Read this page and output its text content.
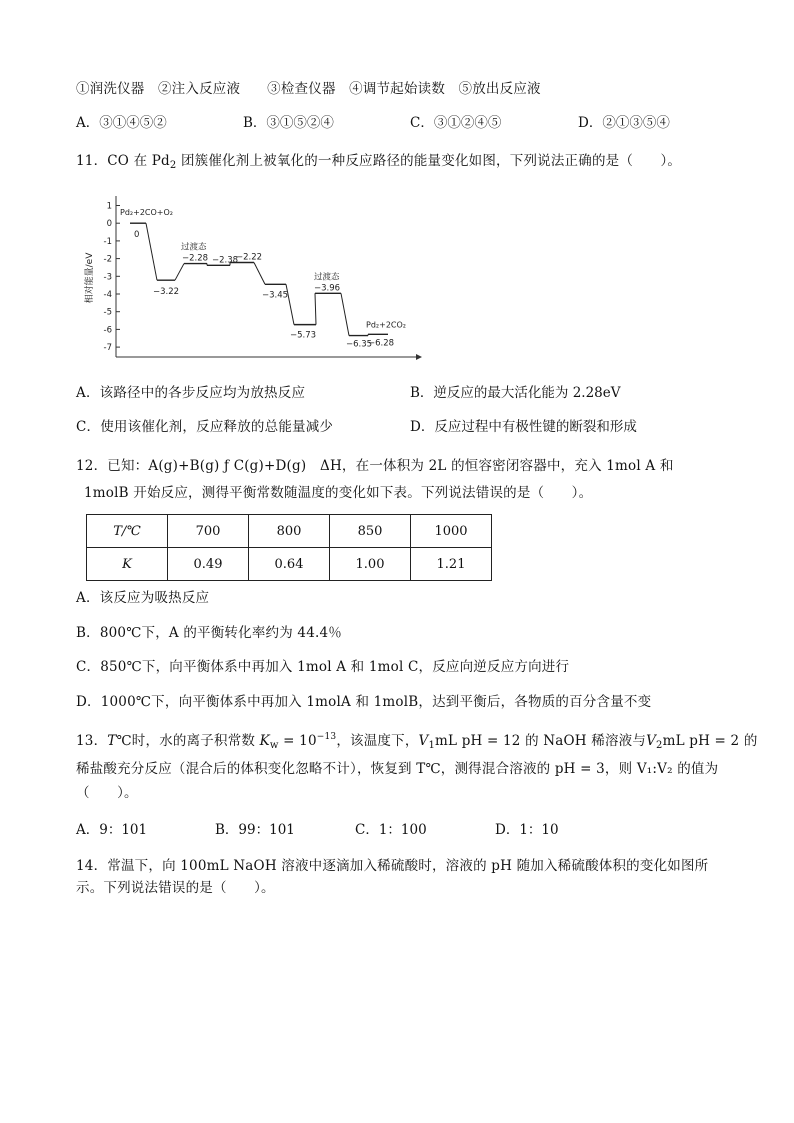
①润洗仪器 ②注入反应液 ③检查仪器 ④调节起始读数 ⑤放出反应液
A．③①④⑤②	B．③①⑤②④	C．③①②④⑤	D．②①③⑤④
11．CO 在 $Pd_2$ 团簇催化剂上被氧化的一种反应路径的能量变化如图，下列说法正确的是（　　）。
1
0
-1
-2
-3
-4
-5
-6
-7
相对能量/eV
0
−3.22
−2.28 −2.38
−2.22
−3.45
−5.73
−3.96
−6.35
−6.28
Pd₂+2CO+O₂
过渡态
过渡态
Pd₂+2CO₂
A．该路径中的各步反应均为放热反应	B．逆反应的最大活化能为 2.28eV
C．使用该催化剂，反应释放的总能量减少	D．反应过程中有极性键的断裂和形成
12．已知：A(g)+B(g) ƒ C(g)+D(g)　ΔH，在一体积为 2L 的恒容密闭容器中，充入 1mol A 和
1molB 开始反应，测得平衡常数随温度的变化如下表。下列说法错误的是（　　）。
T/℃	700	800	850	1000
K	0.49	0.64	1.00	1.21
A．该反应为吸热反应
B．800℃下，A 的平衡转化率约为 44.4％
C．850℃下，向平衡体系中再加入 1mol A 和 1mol C，反应向逆反应方向进行
D．1000℃下，向平衡体系中再加入 1molA 和 1molB，达到平衡后，各物质的百分含量不变
13．T℃时，水的离子积常数 $K_w = 10^{-13}$，该温度下，$V_1mL$ pH = 12 的 NaOH 稀溶液与$V_2mL$ pH = 2 的
稀盐酸充分反应（混合后的体积变化忽略不计），恢复到 T℃，测得混合溶液的 pH = 3，则 V₁:V₂ 的值为
（　　）。
A．9：101	B．99：101	C．1：100	D．1：10
14．常温下，向 100mL NaOH 溶液中逐滴加入稀硫酸时，溶液的 pH 随加入稀硫酸体积的变化如图所
示。下列说法错误的是（　　）。
